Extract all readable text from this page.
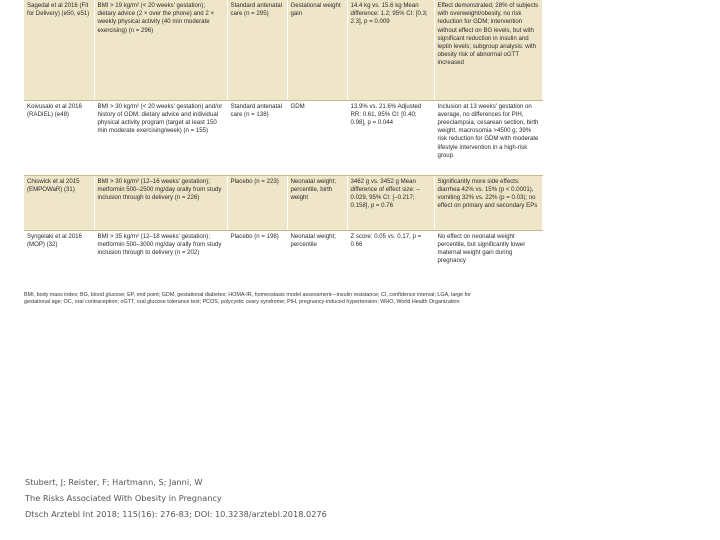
Sagedal et al 2016 (Fit for Delivery) (e50, e51)	BMI > 19 kg/m² (< 20 weeks' gestation); dietary advice (2 × over the phone) and 2 × weekly physical activity (40 min moderate exercising) (n = 296)	Standard antenatal care (n = 295)	Gestational weight gain	14.4 kg vs. 15.6 kg Mean difference: 1.2; 95% CI: [0.3; 2.3], p = 0.009	Effect demonstrated; 28% of subjects with overweight/obesity, no risk reduction for GDM; intervention without effect on BG levels, but with significant reduction in insulin and leptin levels; subgroup analysis: with obesity risk of abnormal oGTT increased
Koivusalo et al 2016 (RADIEL) (e48)	BMI > 30 kg/m² (< 20 weeks' gestation) and/or history of GDM; dietary advice and individual physical activity program (target at least 150 min moderate exercising/week) (n = 155)	Standard antenatal care (n = 138)	GDM	13.9% vs. 21.6% Adjusted RR: 0.61, 95% CI: [0.40; 0.98], p = 0.044	Inclusion at 13 weeks' gestation on average, no differences for PIH, preeclampsia, cesarean section, birth weight, macrosomia >4500 g; 39% risk reduction for GDM with moderate lifestyle intervention in a high-risk group
Chiswick et al 2015 (EMPOWaR) (31)	BMI > 30 kg/m² (12–16 weeks' gestation); metformin 500–2500 mg/day orally from study inclusion through to delivery (n = 226)	Placebo (n = 223)	Neonatal weight; percentile, birth weight	3462 g vs. 3452 g Mean difference of effect size: –0.029, 95% CI: [–0.217; 0.158], p = 0.76	Significantly more side effects: diarrhea 42% vs. 15% (p < 0.0001), vomiting 32% vs. 22% (p = 0.03); no effect on primary and secondary EPs
Syngelaki et al 2016 (MOP) (32)	BMI > 35 kg/m² (12–18 weeks' gestation); metformin 500–3000 mg/day orally from study inclusion through to delivery (n = 202)	Placebo (n = 198)	Neonatal weight; percentile	Z score: 0.05 vs. 0.17, p = 0.66	No effect on neonatal weight percentile, but significantly lower maternal weight gain during pregnancy
BMI, body mass index; BG, blood glucose; EP, end point; GDM, gestational diabetes; HOMA-IR, homeostasis model assessment—insulin resistance; CI, confidence interval; LGA, large for gestational age; OC, oral contraception; oGTT, oral glucose tolerance test; PCOS, polycystic ovary syndrome; PIH, pregnancy-induced hypertension; WHO, World Health Organization
Stubert, J; Reister, F; Hartmann, S; Janni, W
The Risks Associated With Obesity in Pregnancy
Dtsch Arztebl Int 2018; 115(16): 276-83; DOI: 10.3238/arztebl.2018.0276
